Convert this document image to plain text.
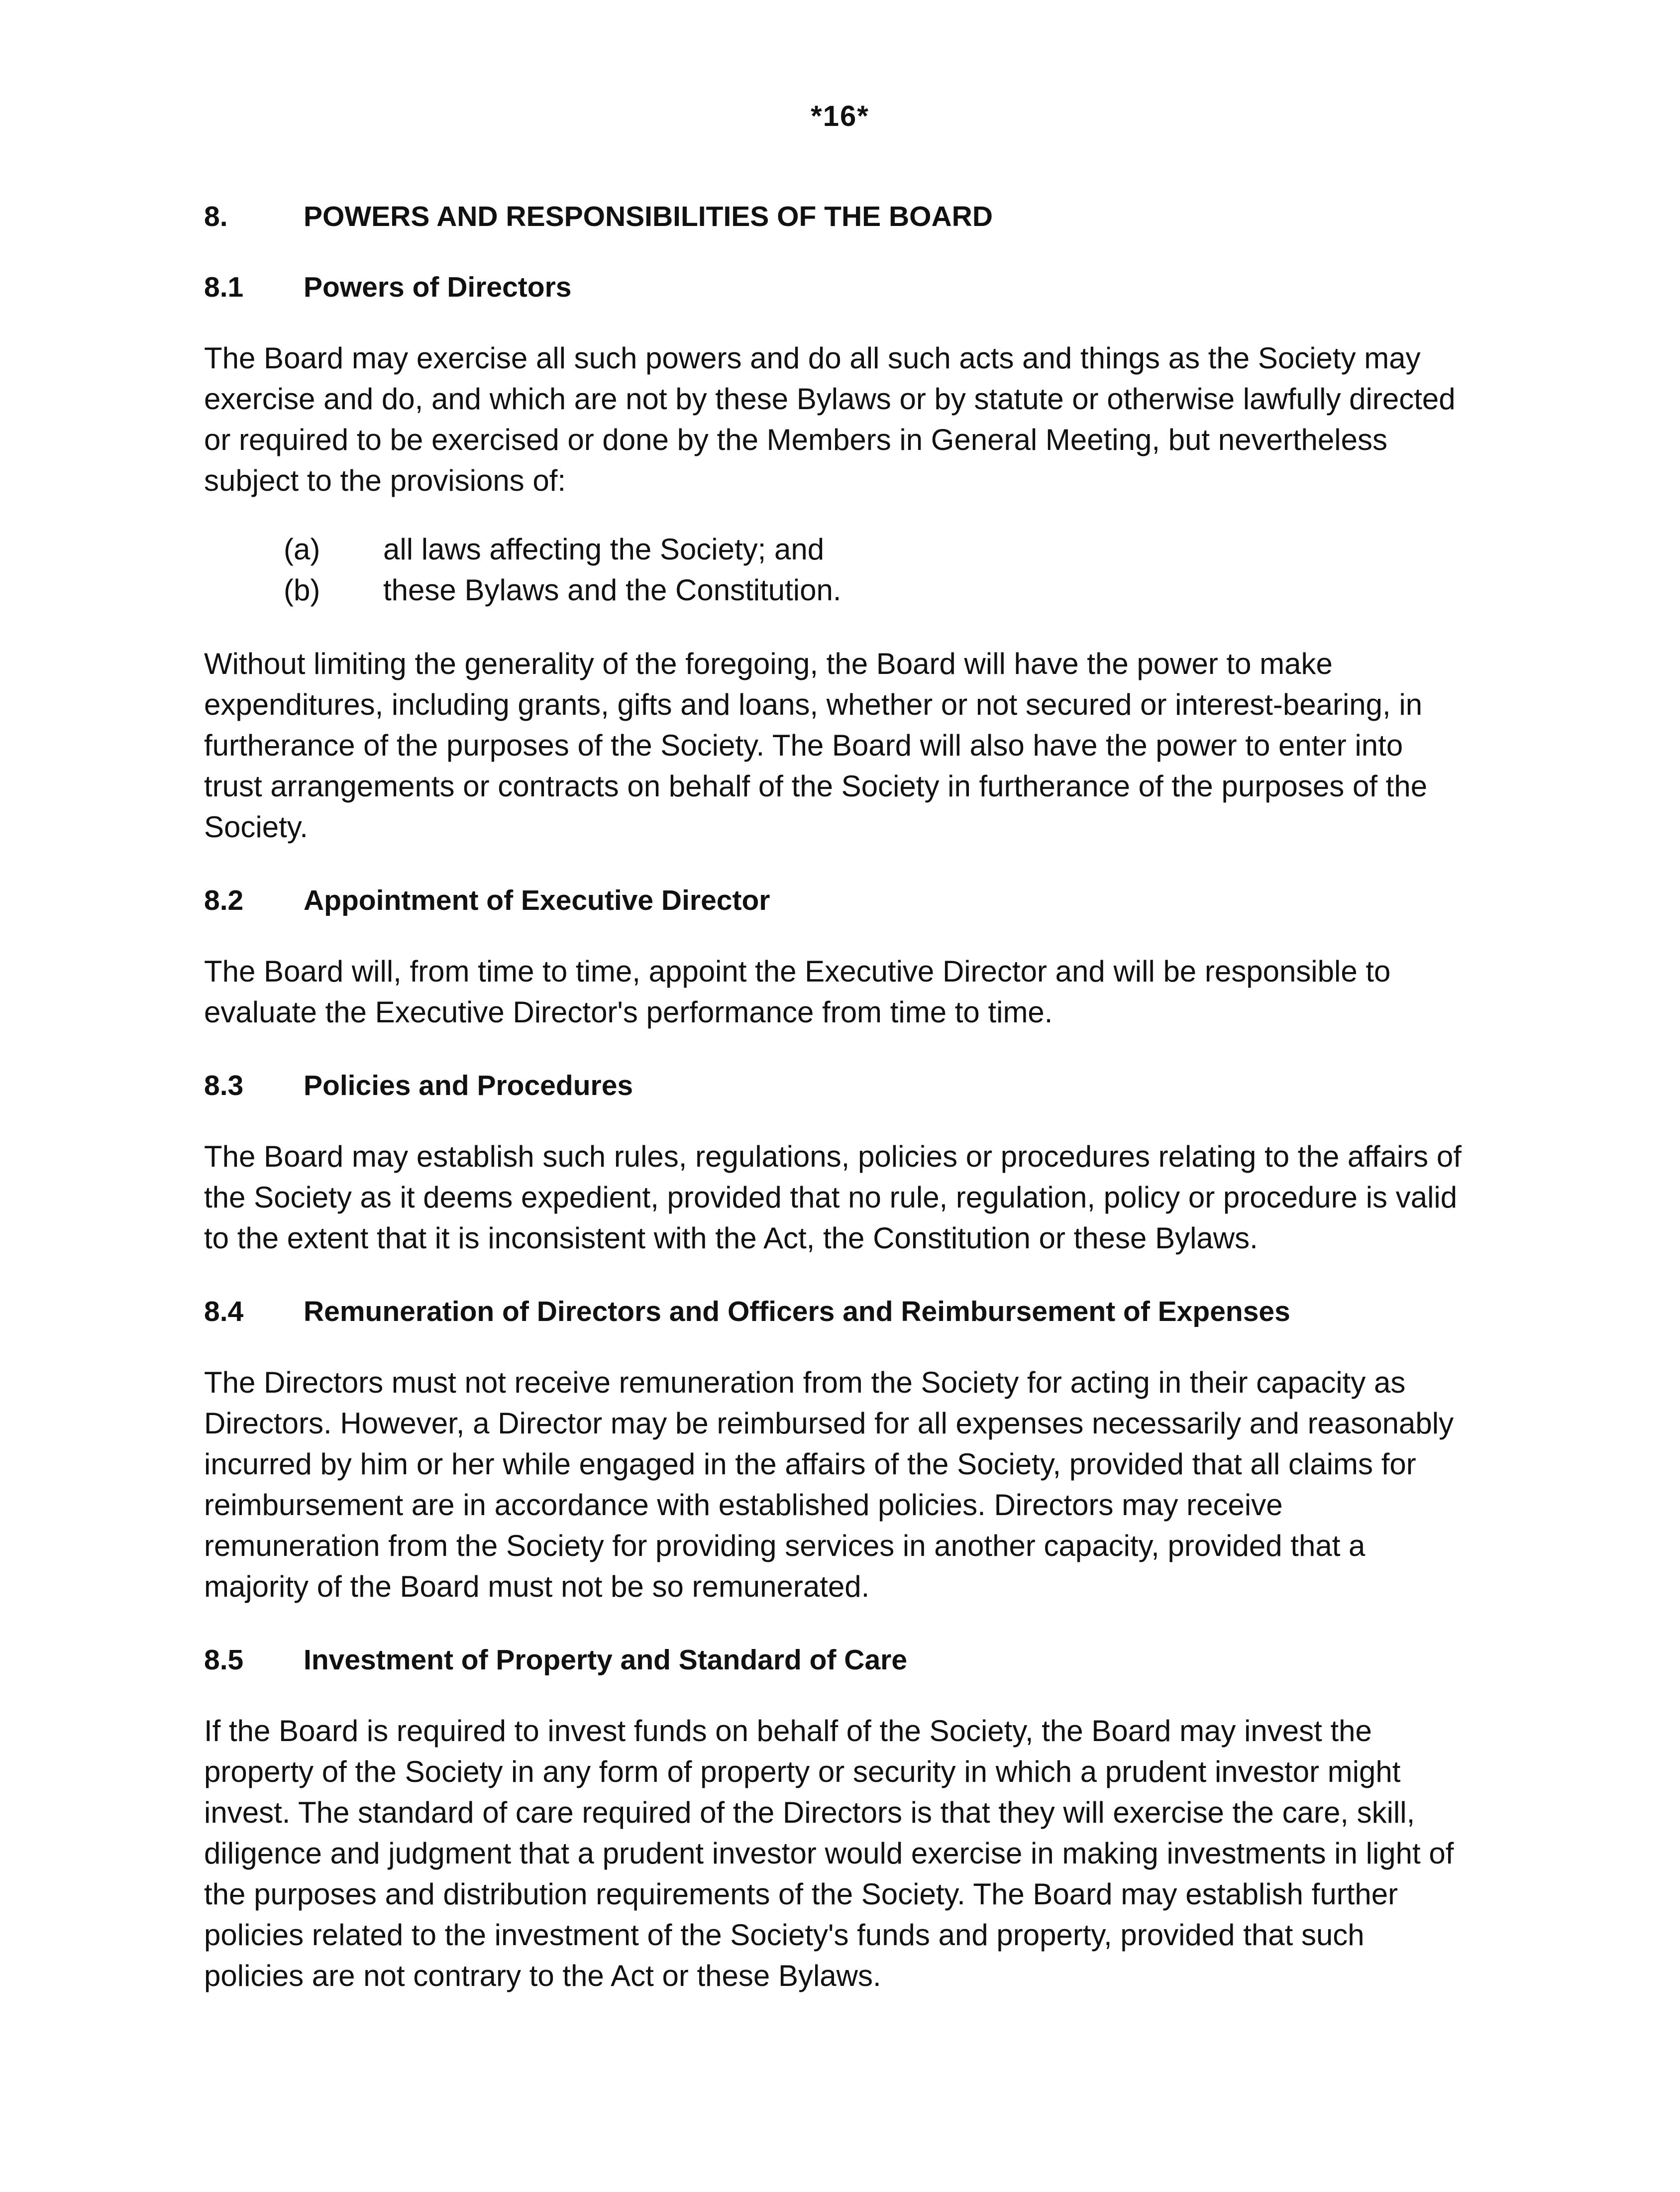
*16*
8.	POWERS AND RESPONSIBILITIES OF THE BOARD
8.1	Powers of Directors
The Board may exercise all such powers and do all such acts and things as the Society may
exercise and do, and which are not by these Bylaws or by statute or otherwise lawfully directed
or required to be exercised or done by the Members in General Meeting, but nevertheless
subject to the provisions of:
(a)	all laws affecting the Society; and
(b)	these Bylaws and the Constitution.
Without limiting the generality of the foregoing, the Board will have the power to make
expenditures, including grants, gifts and loans, whether or not secured or interest-bearing, in
furtherance of the purposes of the Society. The Board will also have the power to enter into
trust arrangements or contracts on behalf of the Society in furtherance of the purposes of the
Society.
8.2	Appointment of Executive Director
The Board will, from time to time, appoint the Executive Director and will be responsible to
evaluate the Executive Director's performance from time to time.
8.3	Policies and Procedures
The Board may establish such rules, regulations, policies or procedures relating to the affairs of
the Society as it deems expedient, provided that no rule, regulation, policy or procedure is valid
to the extent that it is inconsistent with the Act, the Constitution or these Bylaws.
8.4	Remuneration of Directors and Officers and Reimbursement of Expenses
The Directors must not receive remuneration from the Society for acting in their capacity as
Directors. However, a Director may be reimbursed for all expenses necessarily and reasonably
incurred by him or her while engaged in the affairs of the Society, provided that all claims for
reimbursement are in accordance with established policies. Directors may receive
remuneration from the Society for providing services in another capacity, provided that a
majority of the Board must not be so remunerated.
8.5	Investment of Property and Standard of Care
If the Board is required to invest funds on behalf of the Society, the Board may invest the
property of the Society in any form of property or security in which a prudent investor might
invest. The standard of care required of the Directors is that they will exercise the care, skill,
diligence and judgment that a prudent investor would exercise in making investments in light of
the purposes and distribution requirements of the Society. The Board may establish further
policies related to the investment of the Society's funds and property, provided that such
policies are not contrary to the Act or these Bylaws.
